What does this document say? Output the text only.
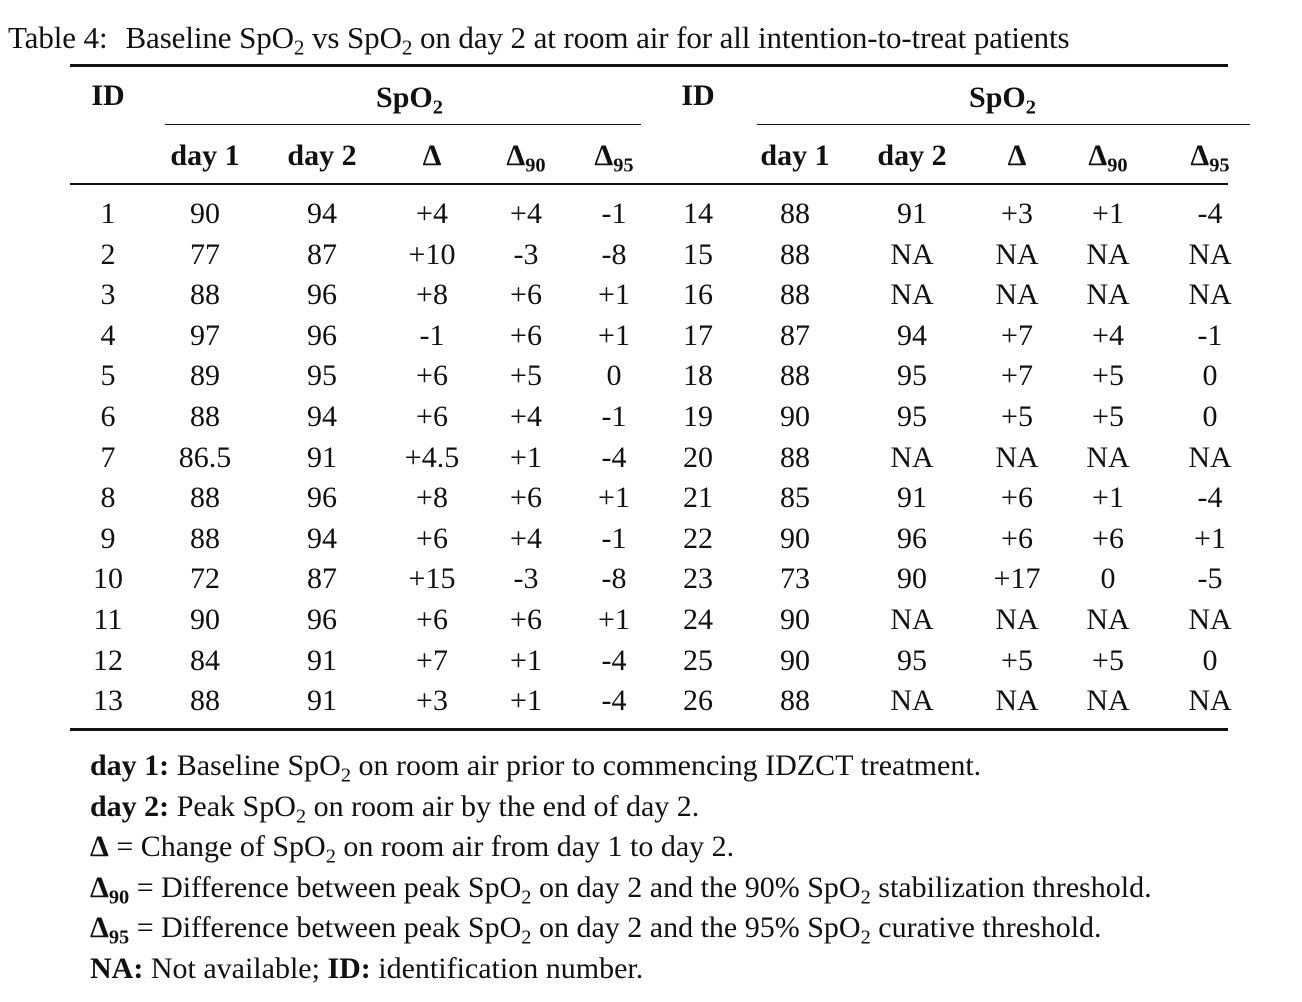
Table 4: Baseline SpO$_2$ vs SpO$_2$ on day 2 at room air for all intention-to-treat patients
ID	SpO$_2$
day 1	day 2	Δ	$\Delta_{90}$	$\Delta_{95}$
ID	SpO$_2$
day 1	day 2	Δ	$\Delta_{90}$	$\Delta_{95}$
1	90	94	+4	+4	-1
2	77	87	+10	-3	-8
3	88	96	+8	+6	+1
4	97	96	-1	+6	+1
5	89	95	+6	+5	0
6	88	94	+6	+4	-1
7	86.5	91	+4.5	+1	-4
8	88	96	+8	+6	+1
9	88	94	+6	+4	-1
10	72	87	+15	-3	-8
11	90	96	+6	+6	+1
12	84	91	+7	+1	-4
13	88	91	+3	+1	-4
14	88	91	+3	+1	-4
15	88	NA	NA	NA	NA
16	88	NA	NA	NA	NA
17	87	94	+7	+4	-1
18	88	95	+7	+5	0
19	90	95	+5	+5	0
20	88	NA	NA	NA	NA
21	85	91	+6	+1	-4
22	90	96	+6	+6	+1
23	73	90	+17	0	-5
24	90	NA	NA	NA	NA
25	90	95	+5	+5	0
26	88	NA	NA	NA	NA
day 1: Baseline SpO$_2$ on room air prior to commencing IDZCT treatment.
day 2: Peak SpO$_2$ on room air by the end of day 2.
Δ = Change of SpO$_2$ on room air from day 1 to day 2.
$\Delta_{90}$ = Difference between peak SpO$_2$ on day 2 and the 90% SpO$_2$ stabilization threshold.
$\Delta_{95}$ = Difference between peak SpO$_2$ on day 2 and the 95% SpO$_2$ curative threshold.
NA: Not available; ID: identification number.
